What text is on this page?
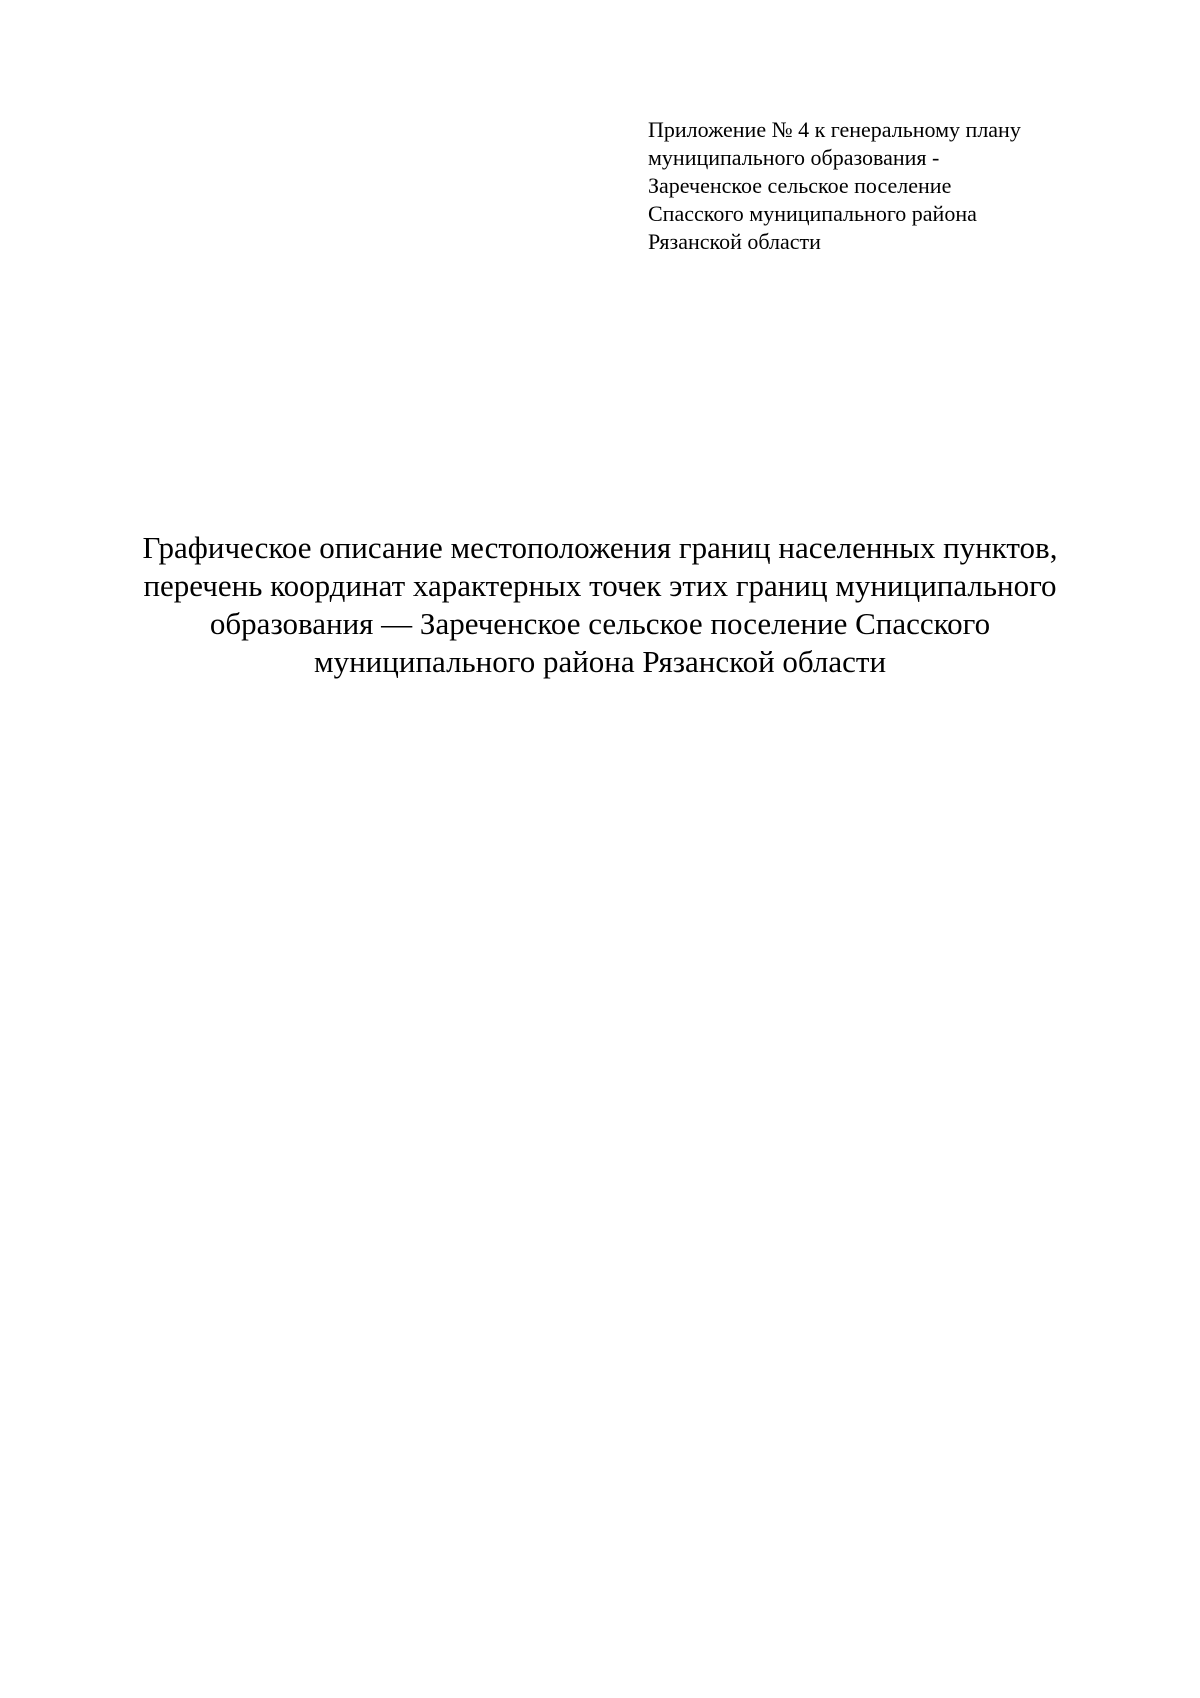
Приложение № 4 к генеральному плану
муниципального образования -
Зареченское сельское поселение
Спасского муниципального района
Рязанской области
Графическое описание местоположения границ населенных пунктов,
перечень координат характерных точек этих границ муниципального
образования — Зареченское сельское поселение Спасского
муниципального района Рязанской области
